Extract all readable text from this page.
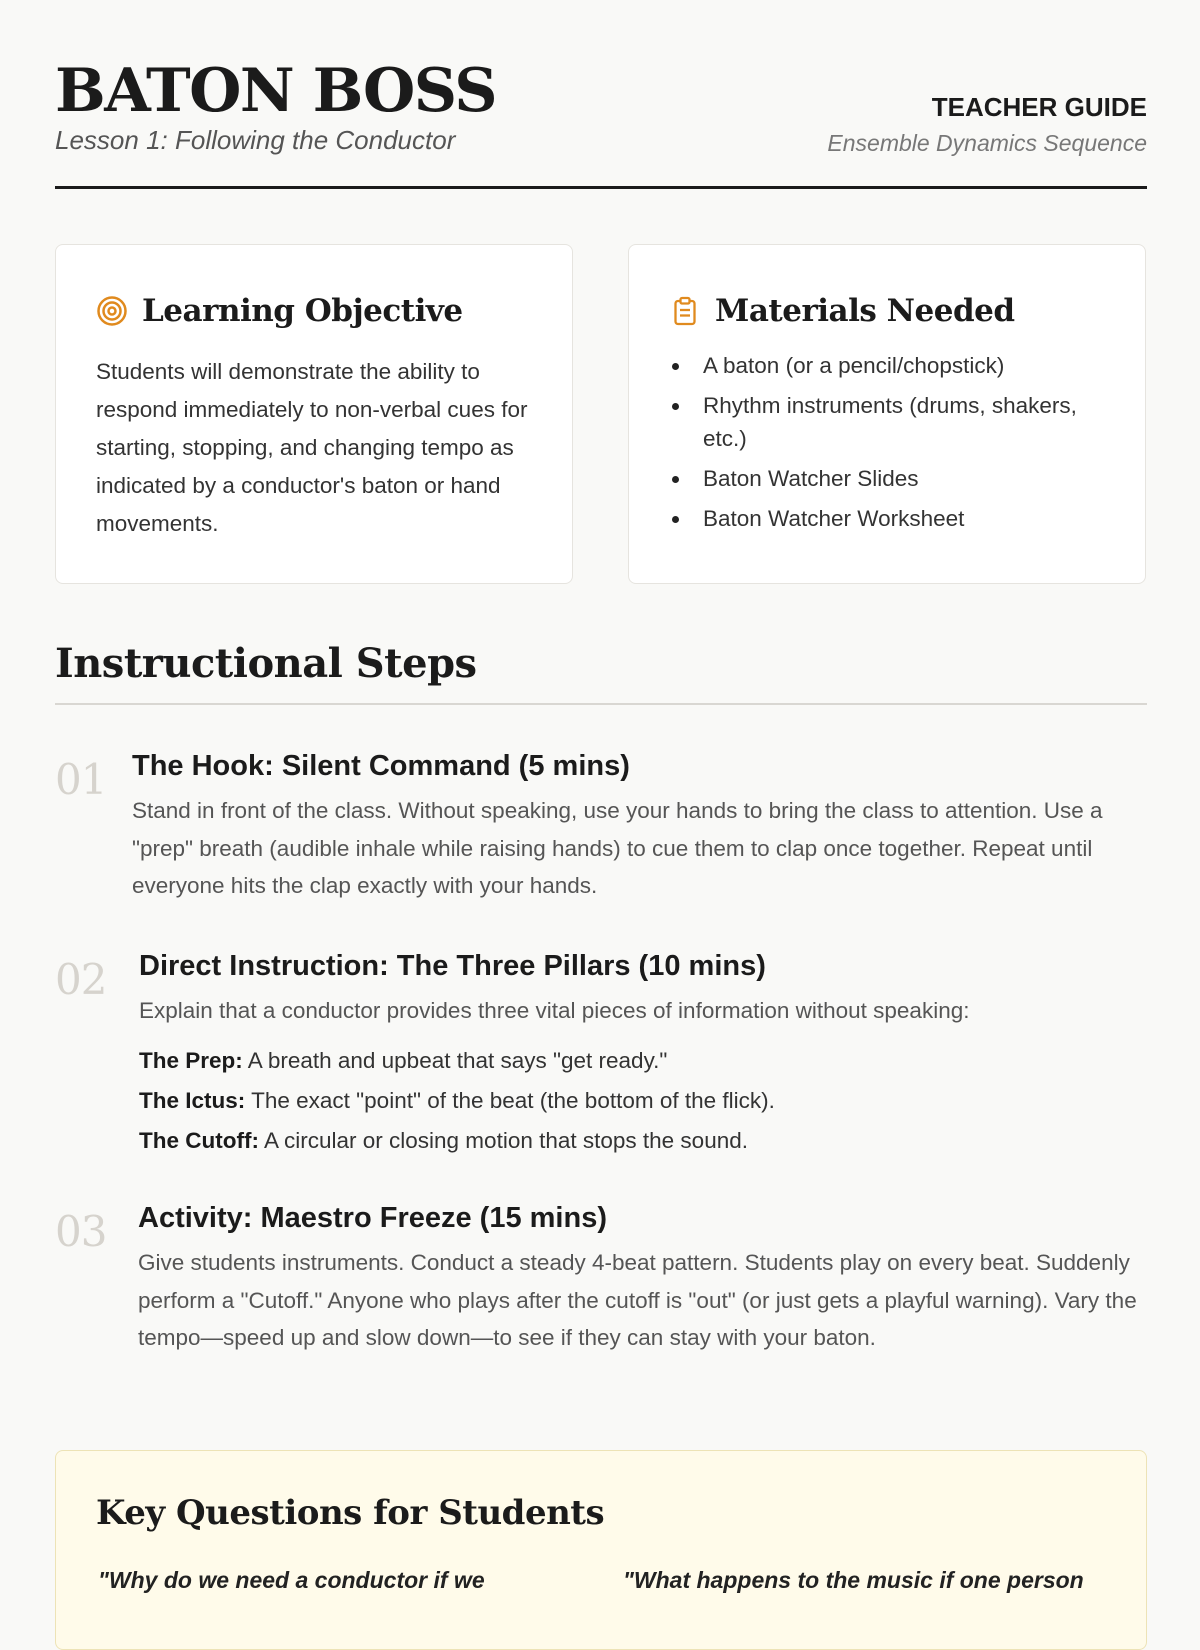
BATON BOSS
Lesson 1: Following the Conductor
TEACHER GUIDE
Ensemble Dynamics Sequence
Learning Objective
Students will demonstrate the ability to respond immediately to non-verbal cues for starting, stopping, and changing tempo as indicated by a conductor's baton or hand movements.
Materials Needed
A baton (or a pencil/chopstick)
Rhythm instruments (drums, shakers, etc.)
Baton Watcher Slides
Baton Watcher Worksheet
Instructional Steps
01 The Hook: Silent Command (5 mins)
Stand in front of the class. Without speaking, use your hands to bring the class to attention. Use a "prep" breath (audible inhale while raising hands) to cue them to clap once together. Repeat until everyone hits the clap exactly with your hands.
02 Direct Instruction: The Three Pillars (10 mins)
Explain that a conductor provides three vital pieces of information without speaking:
The Prep: A breath and upbeat that says "get ready."
The Ictus: The exact "point" of the beat (the bottom of the flick).
The Cutoff: A circular or closing motion that stops the sound.
03 Activity: Maestro Freeze (15 mins)
Give students instruments. Conduct a steady 4-beat pattern. Students play on every beat. Suddenly perform a "Cutoff." Anyone who plays after the cutoff is "out" (or just gets a playful warning). Vary the tempo—speed up and slow down—to see if they can stay with your baton.
Key Questions for Students
"Why do we need a conductor if we	"What happens to the music if one person
